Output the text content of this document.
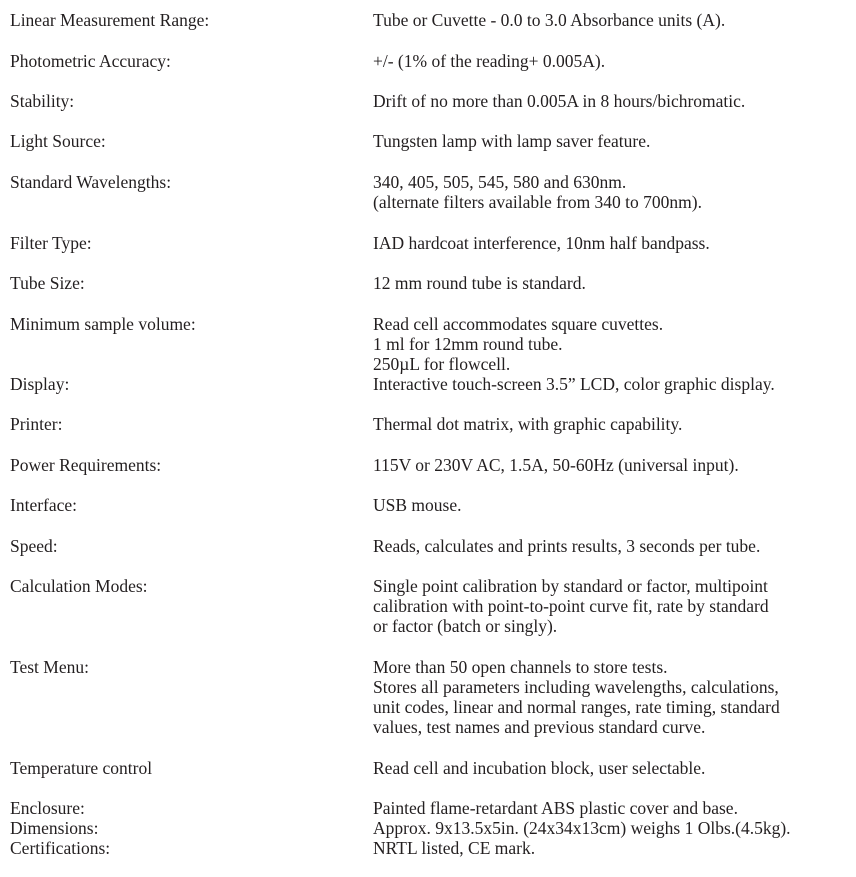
Linear Measurement Range:	Tube or Cuvette - 0.0 to 3.0 Absorbance units (A).
Photometric Accuracy:	+/- (1% of the reading+ 0.005A).
Stability:	Drift of no more than 0.005A in 8 hours/bichromatic.
Light Source:	Tungsten lamp with lamp saver feature.
Standard Wavelengths:	340, 405, 505, 545, 580 and 630nm.
(alternate filters available from 340 to 700nm).
Filter Type:	IAD hardcoat interference, 10nm half bandpass.
Tube Size:	12 mm round tube is standard.
Minimum sample volume:	Read cell accommodates square cuvettes.
1 ml for 12mm round tube.
250µL for flowcell.
Display:	Interactive touch-screen 3.5” LCD, color graphic display.
Printer:	Thermal dot matrix, with graphic capability.
Power Requirements:	115V or 230V AC, 1.5A, 50-60Hz (universal input).
Interface:	USB mouse.
Speed:	Reads, calculates and prints results, 3 seconds per tube.
Calculation Modes:	Single point calibration by standard or factor, multipoint
calibration with point-to-point curve fit, rate by standard
or factor (batch or singly).
Test Menu:	More than 50 open channels to store tests.
Stores all parameters including wavelengths, calculations,
unit codes, linear and normal ranges, rate timing, standard
values, test names and previous standard curve.
Temperature control	Read cell and incubation block, user selectable.
Enclosure:	Painted flame-retardant ABS plastic cover and base.
Dimensions:	Approx. 9x13.5x5in. (24x34x13cm) weighs 1 Olbs.(4.5kg).
Certifications:	NRTL listed, CE mark.
